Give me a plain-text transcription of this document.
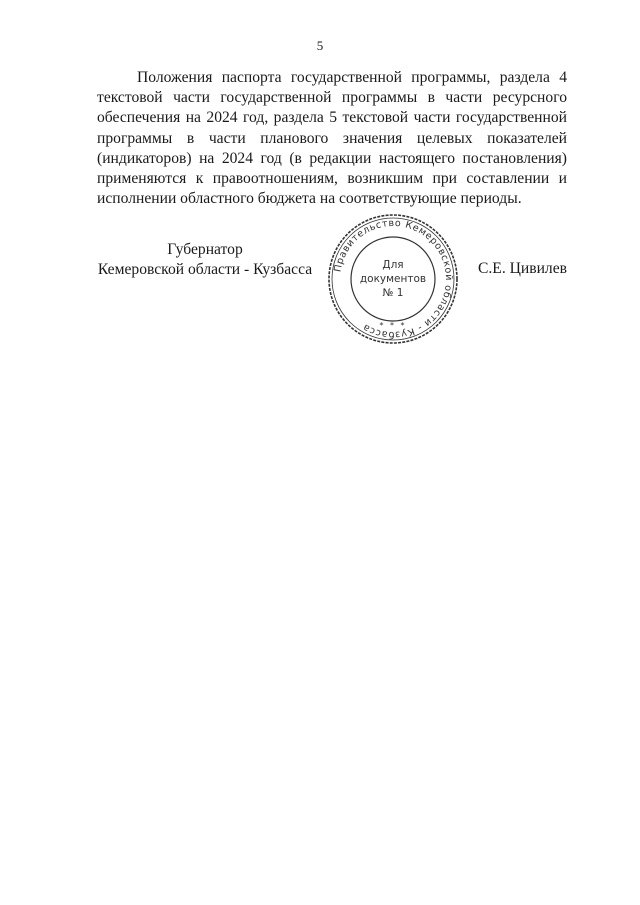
5

Положения паспорта государственной программы, раздела 4 текстовой части государственной программы в части ресурсного обеспечения на 2024 год, раздела 5 текстовой части государственной программы в части планового значения целевых показателей (индикаторов) на 2024 год (в редакции настоящего постановления) применяются к правоотношениям, возникшим при составлении и исполнении областного бюджета на соответствующие периоды.

Губернатор
Кемеровской области - Кузбасса Правительство Кемеровской области - Кузбасса
Для
документов
№ 1
* * *
С.Е. Цивилев
